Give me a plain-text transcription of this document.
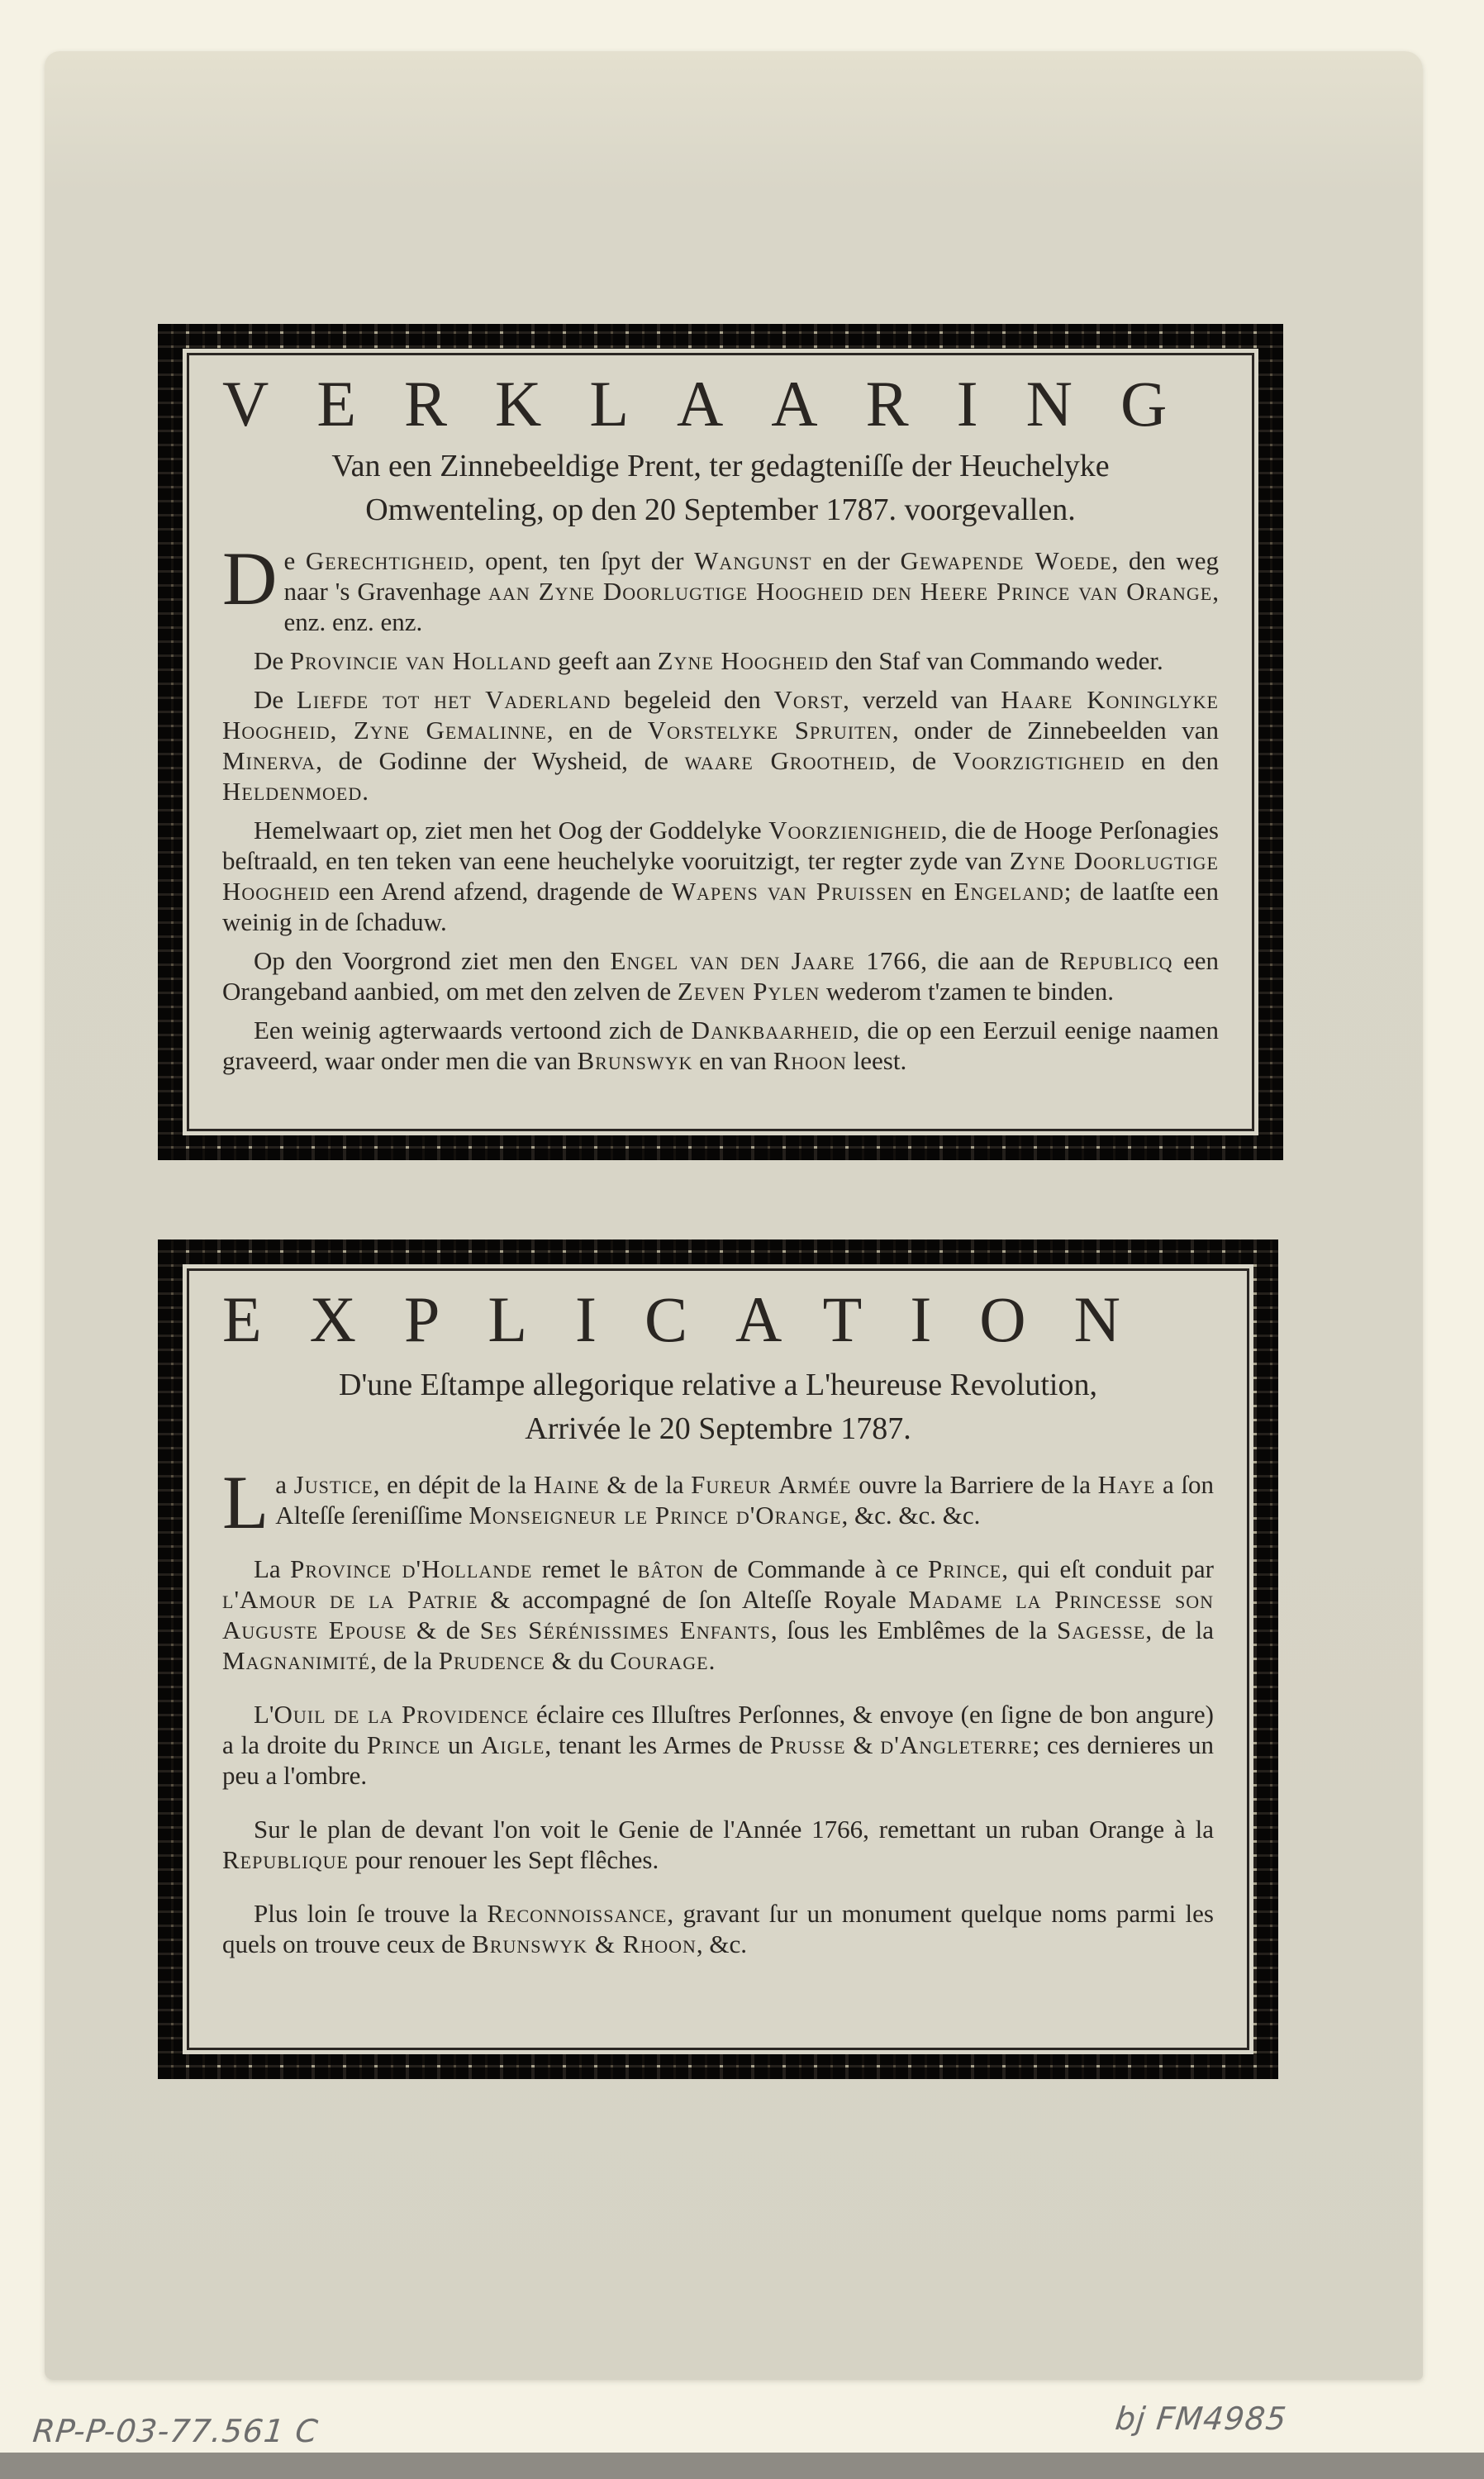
VERKLAARING
Van een Zinnebeeldige Prent, ter gedagteniſſe der Heuchelyke
Omwenteling, op den 20 September 1787. voorgevallen.

De Gerechtigheid, opent, ten ſpyt der Wangunst en der Gewapende Woede, den weg naar 's Gravenhage aan Zyne Doorlugtige Hoogheid den Heere Prince van Orange, enz. enz. enz.

De Provincie van Holland geeft aan Zyne Hoogheid den Staf van Commando weder.

De Liefde tot het Vaderland begeleid den Vorst, verzeld van Haare Koninglyke Hoogheid, Zyne Gemalinne, en de Vorstelyke Spruiten, onder de Zinnebeelden van Minerva, de Godinne der Wysheid, de waare Grootheid, de Voorzigtigheid en den Heldenmoed.

Hemelwaart op, ziet men het Oog der Goddelyke Voorzienigheid, die de Hooge Perſonagies beſtraald, en ten teken van eene heuchelyke vooruitzigt, ter regter zyde van Zyne Doorlugtige Hoogheid een Arend afzend, dragende de Wapens van Pruissen en Engeland; de laatſte een weinig in de ſchaduw.

Op den Voorgrond ziet men den Engel van den Jaare 1766, die aan de Republicq een Orangeband aanbied, om met den zelven de Zeven Pylen wederom t'zamen te binden.

Een weinig agterwaards vertoond zich de Dankbaarheid, die op een Eerzuil eenige naamen graveerd, waar onder men die van Brunswyk en van Rhoon leest.

EXPLICATION
D'une Eſtampe allegorique relative a L'heureuse Revolution,
Arrivée le 20 Septembre 1787.

La Justice, en dépit de la Haine & de la Fureur Armée ouvre la Barriere de la Haye a ſon Alteſſe ſereniſſime Monseigneur le Prince d'Orange, &c. &c. &c.

La Province d'Hollande remet le bâton de Commande à ce Prince, qui eſt conduit par l'Amour de la Patrie & accompagné de ſon Alteſſe Royale Madame la Princesse son Auguste Epouse & de Ses Sérénissimes Enfants, ſous les Emblêmes de la Sagesse, de la Magnanimité, de la Prudence & du Courage.

L'Ouil de la Providence éclaire ces Illuſtres Perſonnes, & envoye (en ſigne de bon angure) a la droite du Prince un Aigle, tenant les Armes de Prusse & d'Angleterre; ces dernieres un peu a l'ombre.

Sur le plan de devant l'on voit le Genie de l'Année 1766, remettant un ruban Orange à la Republique pour renouer les Sept flêches.

Plus loin ſe trouve la Reconnoissance, gravant ſur un monument quelque noms parmi les quels on trouve ceux de Brunswyk & Rhoon, &c.

RP-P-03-77.561 C	bj FM4985
